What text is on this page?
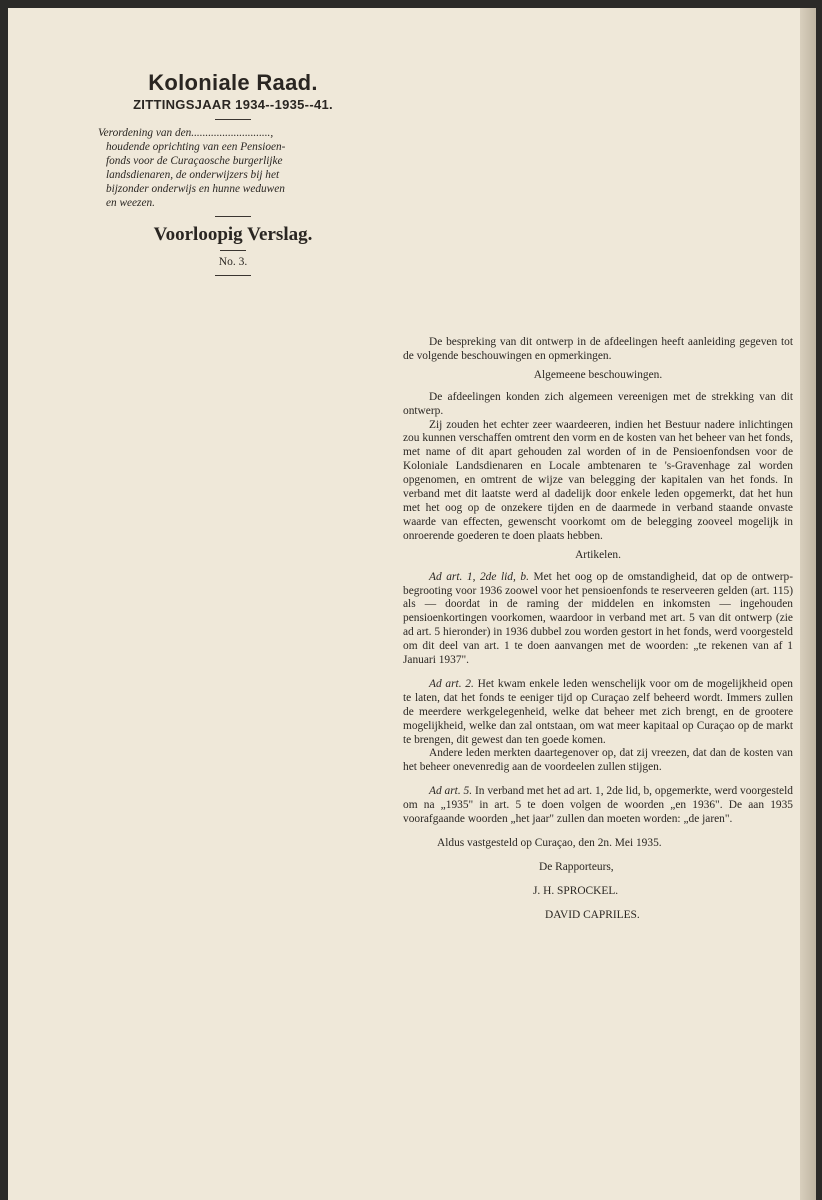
Koloniale Raad.
ZITTINGSJAAR 1934--1935--41.
Verordening van den............................,
houdende oprichting van een Pensioen-
fonds voor de Curaçaosche burgerlijke
landsdienaren, de onderwijzers bij het
bijzonder onderwijs en hunne weduwen
en weezen.
Voorloopig Verslag.
No. 3.

De bespreking van dit ontwerp in de afdeelingen heeft aanleiding gegeven tot de volgende beschouwingen en opmerkingen.

Algemeene beschouwingen.

De afdeelingen konden zich algemeen vereenigen met de strekking van dit ontwerp.

Zij zouden het echter zeer waardeeren, indien het Bestuur nadere inlichtingen zou kunnen verschaffen omtrent den vorm en de kosten van het beheer van het fonds, met name of dit apart gehouden zal worden of in de Pensioenfondsen voor de Koloniale Landsdienaren en Locale ambtenaren te 's-Gravenhage zal worden opgenomen, en omtrent de wijze van belegging der kapitalen van het fonds. In verband met dit laatste werd al dadelijk door enkele leden opgemerkt, dat het hun met het oog op de onzekere tijden en de daarmede in verband staande onvaste waarde van effecten, gewenscht voorkomt om de belegging zooveel mogelijk in onroerende goederen te doen plaats hebben.

Artikelen.

Ad art. 1, 2de lid, b. Met het oog op de omstandigheid, dat op de ontwerp-begrooting voor 1936 zoowel voor het pensioenfonds te reserveeren gelden (art. 115) als — doordat in de raming der middelen en inkomsten — ingehouden pensioenkortingen voorkomen, waardoor in verband met art. 5 van dit ontwerp (zie ad art. 5 hieronder) in 1936 dubbel zou worden gestort in het fonds, werd voorgesteld om dit deel van art. 1 te doen aanvangen met de woorden: „te rekenen van af 1 Januari 1937".

Ad art. 2. Het kwam enkele leden wenschelijk voor om de mogelijkheid open te laten, dat het fonds te eeniger tijd op Curaçao zelf beheerd wordt. Immers zullen de meerdere werkgelegenheid, welke dat beheer met zich brengt, en de grootere mogelijkheid, welke dan zal ontstaan, om wat meer kapitaal op Curaçao op de markt te brengen, dit gewest dan ten goede komen.

Andere leden merkten daartegenover op, dat zij vreezen, dat dan de kosten van het beheer onevenredig aan de voordeelen zullen stijgen.

Ad art. 5. In verband met het ad art. 1, 2de lid, b, opgemerkte, werd voorgesteld om na „1935" in art. 5 te doen volgen de woorden „en 1936". De aan 1935 voorafgaande woorden „het jaar" zullen dan moeten worden: „de jaren".

Aldus vastgesteld op Curaçao, den 2n. Mei 1935.

De Rapporteurs,

J. H. SPROCKEL.

DAVID CAPRILES.
